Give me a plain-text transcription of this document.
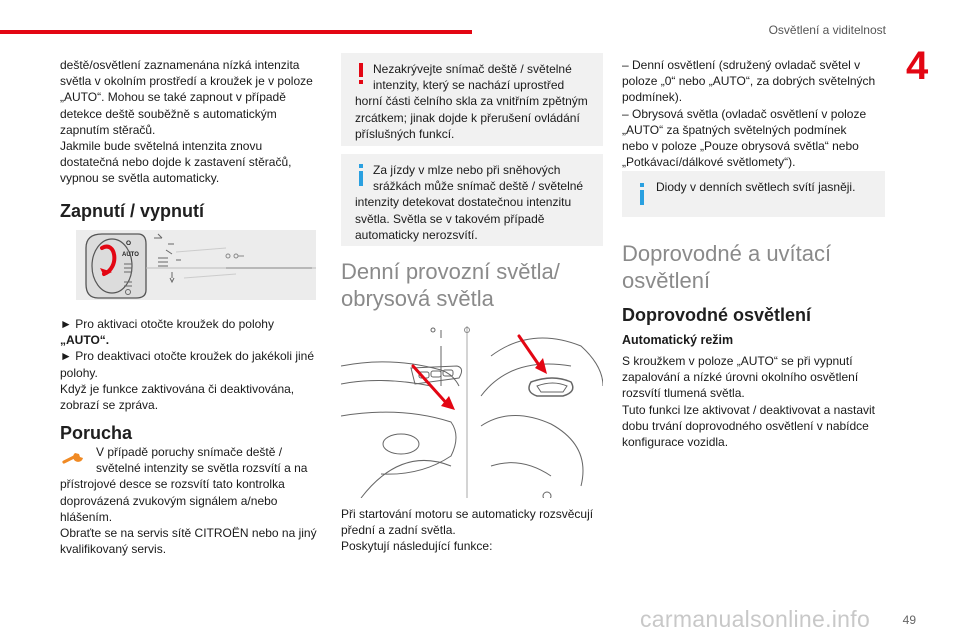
Osvětlení a viditelnost
4

deště/osvětlení zaznamenána nízká intenzita

světla v okolním prostředí a kroužek je v poloze

„AUTO“. Mohou se také zapnout v případě

detekce deště souběžně s automatickým

zapnutím stěračů.

Jakmile bude světelná intenzita znovu

dostatečná nebo dojde k zastavení stěračů,

vypnou se světla automaticky.

Zapnutí / vypnutí
O
AUTO

► Pro aktivaci otočte kroužek do polohy

„AUTO“.

► Pro deaktivaci otočte kroužek do jakékoli jiné

polohy.

Když je funkce zaktivována či deaktivována,

zobrazí se zpráva.

Porucha

V případě poruchy snímače deště /

světelné intenzity se světla rozsvítí a na

přístrojové desce se rozsvítí tato kontrolka

doprovázená zvukovým signálem a/nebo

hlášením.

Obraťte se na servis sítě CITROËN nebo na jiný

kvalifikovaný servis.

Nezakrývejte snímač deště / světelné

intenzity, který se nachází uprostřed

horní části čelního skla za vnitřním zpětným

zrcátkem; jinak dojde k přerušení ovládání

příslušných funkcí.

Za jízdy v mlze nebo při sněhových

srážkách může snímač deště / světelné

intenzity detekovat dostatečnou intenzitu

světla. Světla se v takovém případě

automaticky nerozsvítí.

Denní provozní světla/
obrysová světla

Při startování motoru se automaticky rozsvěcují

přední a zadní světla.

Poskytují následující funkce:

– Denní osvětlení (sdružený ovladač světel v

poloze „0“ nebo „AUTO“, za dobrých světelných

podmínek).

– Obrysová světla (ovladač osvětlení v poloze

„AUTO“ za špatných světelných podmínek

nebo v poloze „Pouze obrysová světla“ nebo

„Potkávací/dálkové světlomety“).

Diody v denních světlech svítí jasněji.

Doprovodné a uvítací
osvětlení
Doprovodné osvětlení
Automatický režim

S kroužkem v poloze „AUTO“ se při vypnutí

zapalování a nízké úrovni okolního osvětlení

rozsvítí tlumená světla.

Tuto funkci lze aktivovat / deaktivovat a nastavit

dobu trvání doprovodného osvětlení v nabídce

konfigurace vozidla.

carmanualsonline.info	49
